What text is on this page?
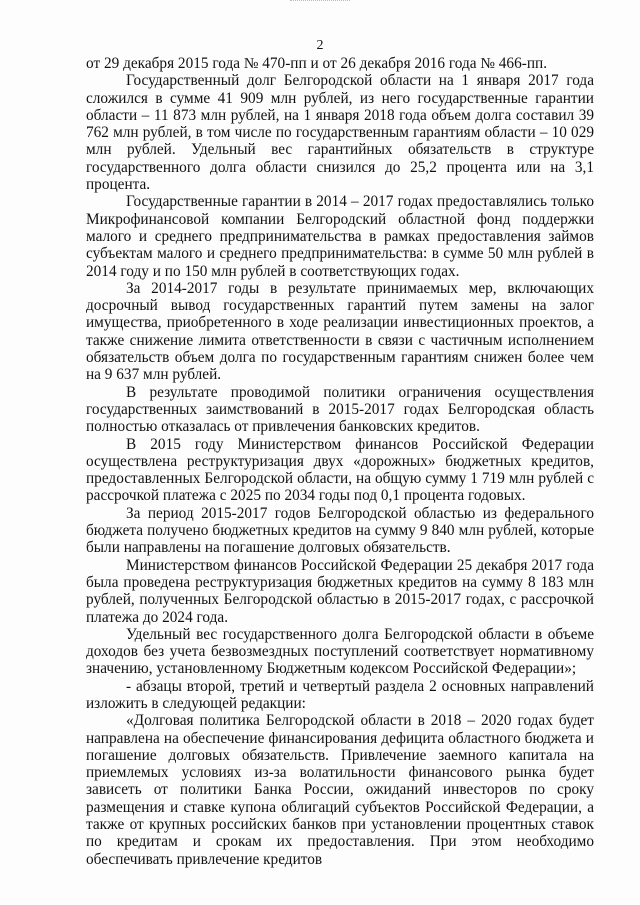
2

от 29 декабря 2015 года № 470-пп и от 26 декабря 2016 года № 466-пп.

Государственный долг Белгородской области на 1 января 2017 года сложился в сумме 41 909 млн рублей, из него государственные гарантии области – 11 873 млн рублей, на 1 января 2018 года объем долга составил 39 762 млн рублей, в том числе по государственным гарантиям области – 10 029 млн рублей. Удельный вес гарантийных обязательств в структуре государственного долга области снизился до 25,2 процента или на 3,1 процента.

Государственные гарантии в 2014 – 2017 годах предоставлялись только Микрофинансовой компании Белгородский областной фонд поддержки малого и среднего предпринимательства в рамках предоставления займов субъектам малого и среднего предпринимательства: в сумме 50 млн рублей в 2014 году и по 150 млн рублей в соответствующих годах.

За 2014-2017 годы в результате принимаемых мер, включающих досрочный вывод государственных гарантий путем замены на залог имущества, приобретенного в ходе реализации инвестиционных проектов, а также снижение лимита ответственности в связи с частичным исполнением обязательств объем долга по государственным гарантиям снижен более чем на 9 637 млн рублей.

В результате проводимой политики ограничения осуществления государственных заимствований в 2015-2017 годах Белгородская область полностью отказалась от привлечения банковских кредитов.

В 2015 году Министерством финансов Российской Федерации осуществлена реструктуризация двух «дорожных» бюджетных кредитов, предоставленных Белгородской области, на общую сумму 1 719 млн рублей с рассрочкой платежа с 2025 по 2034 годы под 0,1 процента годовых.

За период 2015-2017 годов Белгородской областью из федерального бюджета получено бюджетных кредитов на сумму 9 840 млн рублей, которые были направлены на погашение долговых обязательств.

Министерством финансов Российской Федерации 25 декабря 2017 года была проведена реструктуризация бюджетных кредитов на сумму 8 183 млн рублей, полученных Белгородской областью в 2015-2017 годах, с рассрочкой платежа до 2024 года.

Удельный вес государственного долга Белгородской области в объеме доходов без учета безвозмездных поступлений соответствует нормативному значению, установленному Бюджетным кодексом Российской Федерации»;

- абзацы второй, третий и четвертый раздела 2 основных направлений изложить в следующей редакции:

«Долговая политика Белгородской области в 2018 – 2020 годах будет направлена на обеспечение финансирования дефицита областного бюджета и погашение долговых обязательств. Привлечение заемного капитала на приемлемых условиях из-за волатильности финансового рынка будет зависеть от политики Банка России, ожиданий инвесторов по сроку размещения и ставке купона облигаций субъектов Российской Федерации, а также от крупных российских банков при установлении процентных ставок по кредитам и срокам их предоставления. При этом необходимо обеспечивать привлечение кредитов
